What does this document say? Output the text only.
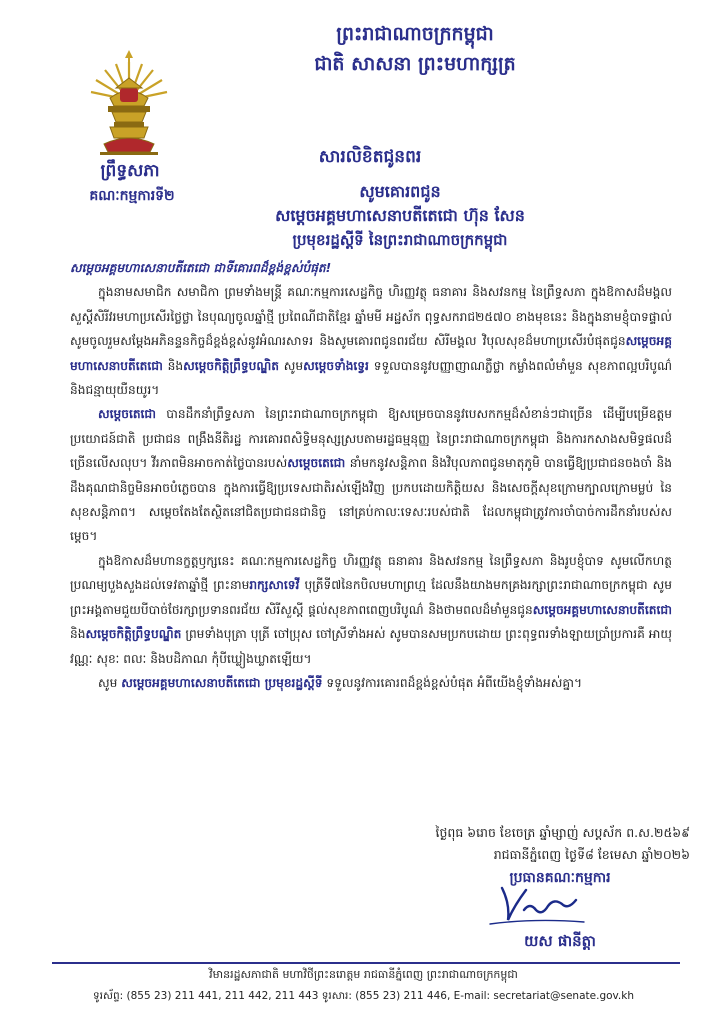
ព្រះរាជាណាចក្រកម្ពុជា
ជាតិ សាសនា ព្រះមហាក្សត្រ
ព្រឹទ្ធសភា
គណៈកម្មការទី២
សារលិខិតជូនពរ
សូមគោរពជូន
សម្តេចអគ្គមហាសេនាបតីតេជោ ហ៊ុន សែន
ប្រមុខរដ្ឋស្តីទី នៃព្រះរាជាណាចក្រកម្ពុជា

សម្តេចអគ្គមហាសេនាបតីតេជោ ជាទីគោរពដ៏ខ្ពង់ខ្ពស់បំផុត!

ក្នុងនាមសមាជិក សមាជិកា ព្រមទាំងមន្ត្រី គណៈកម្មការសេដ្ឋកិច្ច ហិរញ្ញវត្ថុ ធនាគារ និងសវនកម្ម នៃព្រឹទ្ធសភា ក្នុងឱកាសដ៏មង្គលសួស្តីសិរីវរមហាប្រសើរថ្លៃថ្លា នៃបុណ្យចូលឆ្នាំថ្មី ប្រពៃណីជាតិខ្មែរ ឆ្នាំមមី អដ្ឋស័ក ពុទ្ធសករាជ២៥៧០ ខាងមុខនេះ និងក្នុងនាមខ្ញុំបាទផ្ទាល់ សូមចូលរួមសម្តែងអភិនន្ទនកិច្ចដ៏ខ្ពង់ខ្ពស់នូវអំណរសាទរ និងសូមគោរពជូនពរជ័យ សិរីមង្គល វិបុលសុខដ៏មហាប្រសើរបំផុតជូនសម្តេចអគ្គមហាសេនាបតីតេជោ និងសម្តេចកិត្តិព្រឹទ្ធបណ្ឌិត សូមសម្តេចទាំងទ្វេរ ទទួលបាននូវបញ្ញាញាណភ្លឺថ្លា កម្លាំងពលំមាំមួន សុខភាពល្អបរិបូណ៌ និងជន្មាយុយឺនយូរ។

សម្តេចតេជោ បានដឹកនាំព្រឹទ្ធសភា នៃព្រះរាជាណាចក្រកម្ពុជា ឱ្យសម្រេចបាននូវបេសកកម្មដ៏សំខាន់ៗជាច្រើន ដើម្បីបម្រើឧត្តមប្រយោជន៍ជាតិ ប្រជាជន ពង្រឹងនីតិរដ្ឋ ការគោរពសិទ្ធិមនុស្សស្របតាមរដ្ឋធម្មនុញ្ញ នៃព្រះរាជាណាចក្រកម្ពុជា និងការកសាងសមិទ្ធផលដ៏ច្រើនលើសលុប។ វីរភាពមិនអាចកាត់ថ្លៃបានរបស់សម្តេចតេជោ នាំមកនូវសន្តិភាព និងវិបុលភាពជូនមាតុភូមិ បានធ្វើឱ្យប្រជាជនចងចាំ និងដឹងគុណជានិច្ចមិនអាចបំភ្លេចបាន ក្នុងការធ្វើឱ្យប្រទេសជាតិរស់ឡើងវិញ ប្រកបដោយកិត្តិយស និងសេចក្តីសុខក្រោមក្បាលក្រោមម្លប់ នៃសុខសន្តិភាព។ សម្តេចតែងតែស្ថិតនៅជិតប្រជាជនជានិច្ច នៅគ្រប់កាលៈទេសៈរបស់ជាតិ ដែលកម្ពុជាត្រូវការចាំបាច់ការដឹកនាំរបស់សម្តេច។

ក្នុងឱកាសដ៏មហានក្ខត្តឫក្សនេះ គណៈកម្មការសេដ្ឋកិច្ច ហិរញ្ញវត្ថុ ធនាគារ និងសវនកម្ម នៃព្រឹទ្ធសភា និងរូបខ្ញុំបាទ សូមលើកហត្ថប្រណម្យបួងសួងដល់ទេវតាឆ្នាំថ្មី ព្រះនាមរាក្សសាទេវី បុត្រីទី៧នៃកបិលមហាព្រហ្ម ដែលនឹងយាងមកគ្រងរក្សាព្រះរាជាណាចក្រកម្ពុជា សូមព្រះអង្គតាមជួយបីបាច់ថែរក្សាប្រទានពរជ័យ សិរីសួស្តី ផ្តល់សុខភាពពេញបរិបូណ៌ និងថាមពលដ៏មាំមួនជូនសម្តេចអគ្គមហាសេនាបតីតេជោ និងសម្តេចកិត្តិព្រឹទ្ធបណ្ឌិត ព្រមទាំងបុត្រា បុត្រី ចៅប្រុស ចៅស្រីទាំងអស់ សូមបានសមប្រកបដោយ ព្រះពុទ្ធពរទាំងឡាយប្រាំប្រការគឺ អាយុ វណ្ណៈ សុខៈ ពលៈ និងបដិភាណ កុំបីឃ្លៀងឃ្លាតឡើយ។

សូម សម្តេចអគ្គមហាសេនាបតីតេជោ ប្រមុខរដ្ឋស្តីទី ទទួលនូវការគោរពដ៏ខ្ពង់ខ្ពស់បំផុត អំពីយើងខ្ញុំទាំងអស់គ្នា។

ថ្ងៃពុធ ៦រោច ខែចេត្រ ឆ្នាំម្សាញ់ សប្តស័ក ព.ស.២៥៦៩
រាជធានីភ្នំពេញ ថ្ងៃទី៨ ខែមេសា ឆ្នាំ២០២៦
ប្រធានគណៈកម្មការ
យស ផានីត្តា
វិមានរដ្ឋសភាជាតិ មហាវិថីព្រះនរោត្តម រាជធានីភ្នំពេញ ព្រះរាជាណាចក្រកម្ពុជា
ទូរស័ព្ទ: (855 23) 211 441, 211 442, 211 443 ទូរសារ: (855 23) 211 446, E-mail: secretariat@senate.gov.kh
